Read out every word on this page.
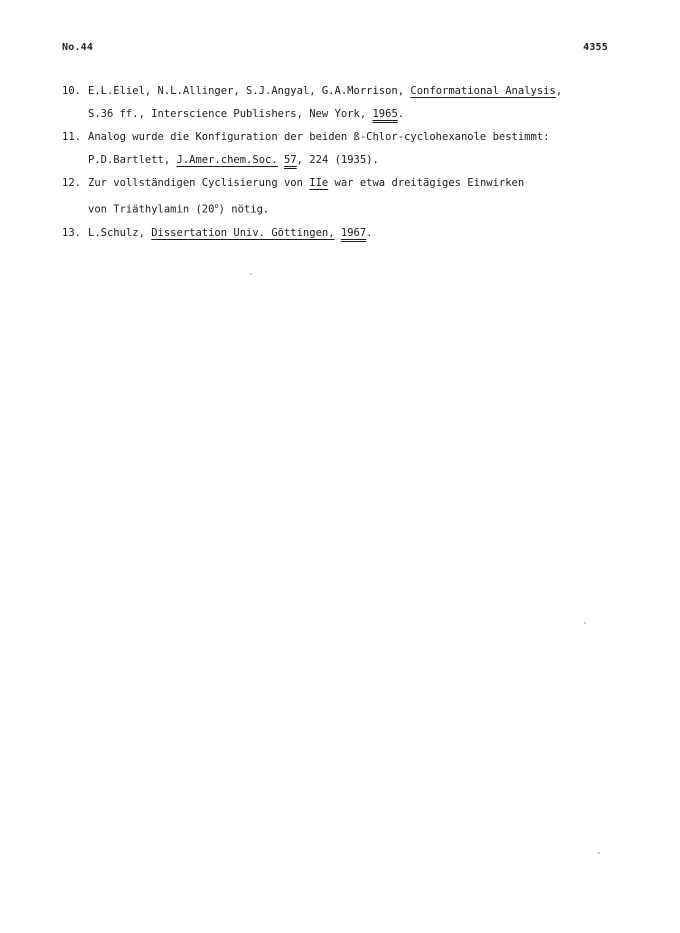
No.44	4355
10. E.L.Eliel, N.L.Allinger, S.J.Angyal, G.A.Morrison, Conformational Analysis,
S.36 ff., Interscience Publishers, New York, 1965.
11. Analog wurde die Konfiguration der beiden ß-Chlor-cyclohexanole bestimmt:
P.D.Bartlett, J.Amer.chem.Soc. 57, 224 (1935).
12. Zur vollständigen Cyclisierung von IIe war etwa dreitägiges Einwirken
von Triäthylamin (20$^o$) nötig.
13. L.Schulz, Dissertation Univ. Göttingen, 1967.
